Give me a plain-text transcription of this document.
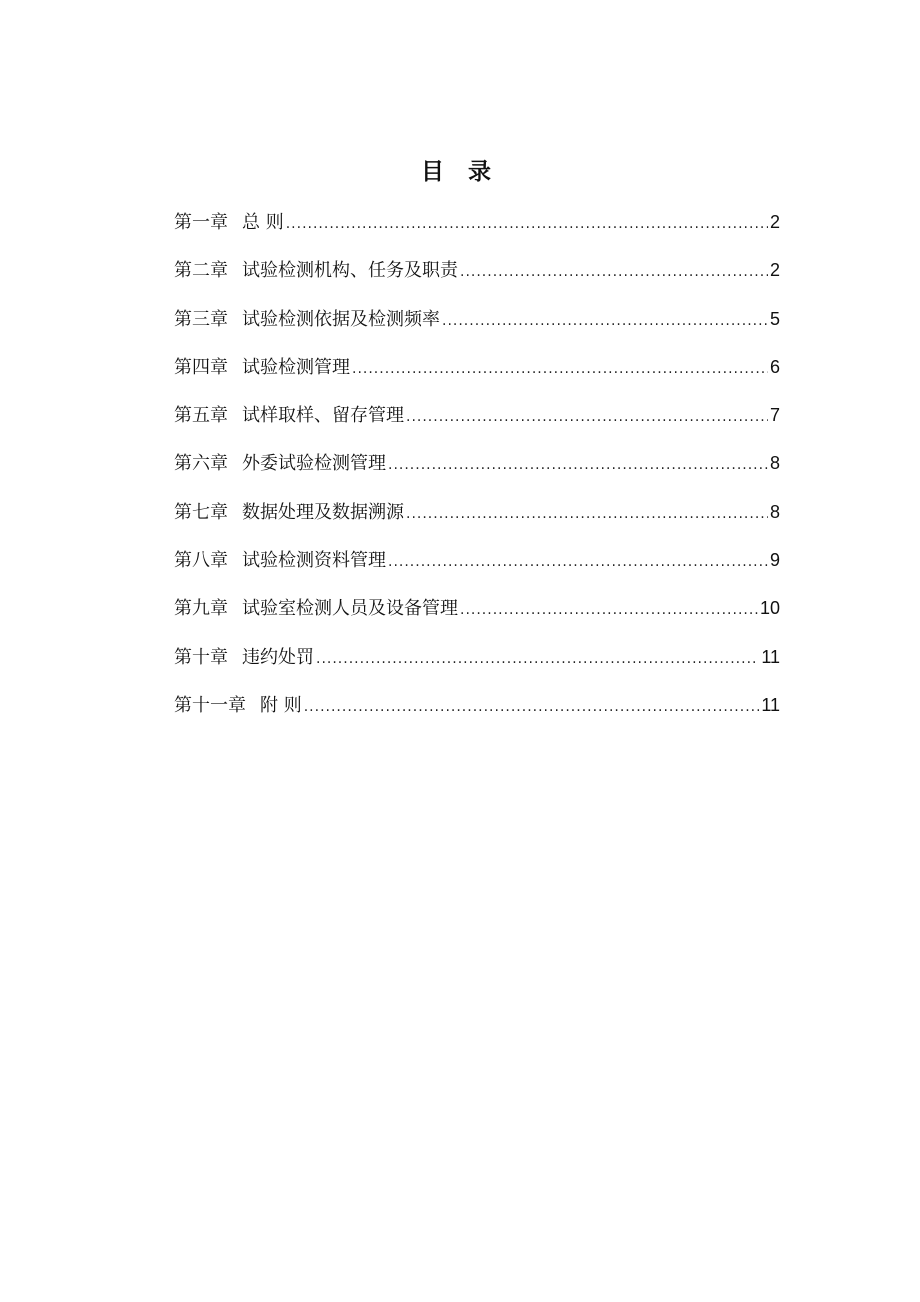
目 录
第一章 总 则 .....	2
第二章 试验检测机构、任务及职责 .....	2
第三章 试验检测依据及检测频率 .....	5
第四章 试验检测管理 .....	6
第五章 试样取样、留存管理 .....	7
第六章 外委试验检测管理 .....	8
第七章 数据处理及数据溯源 .....	8
第八章 试验检测资料管理 .....	9
第九章 试验室检测人员及设备管理 .....	10
第十章 违约处罚 .....	11
第十一章 附 则 .....	11
